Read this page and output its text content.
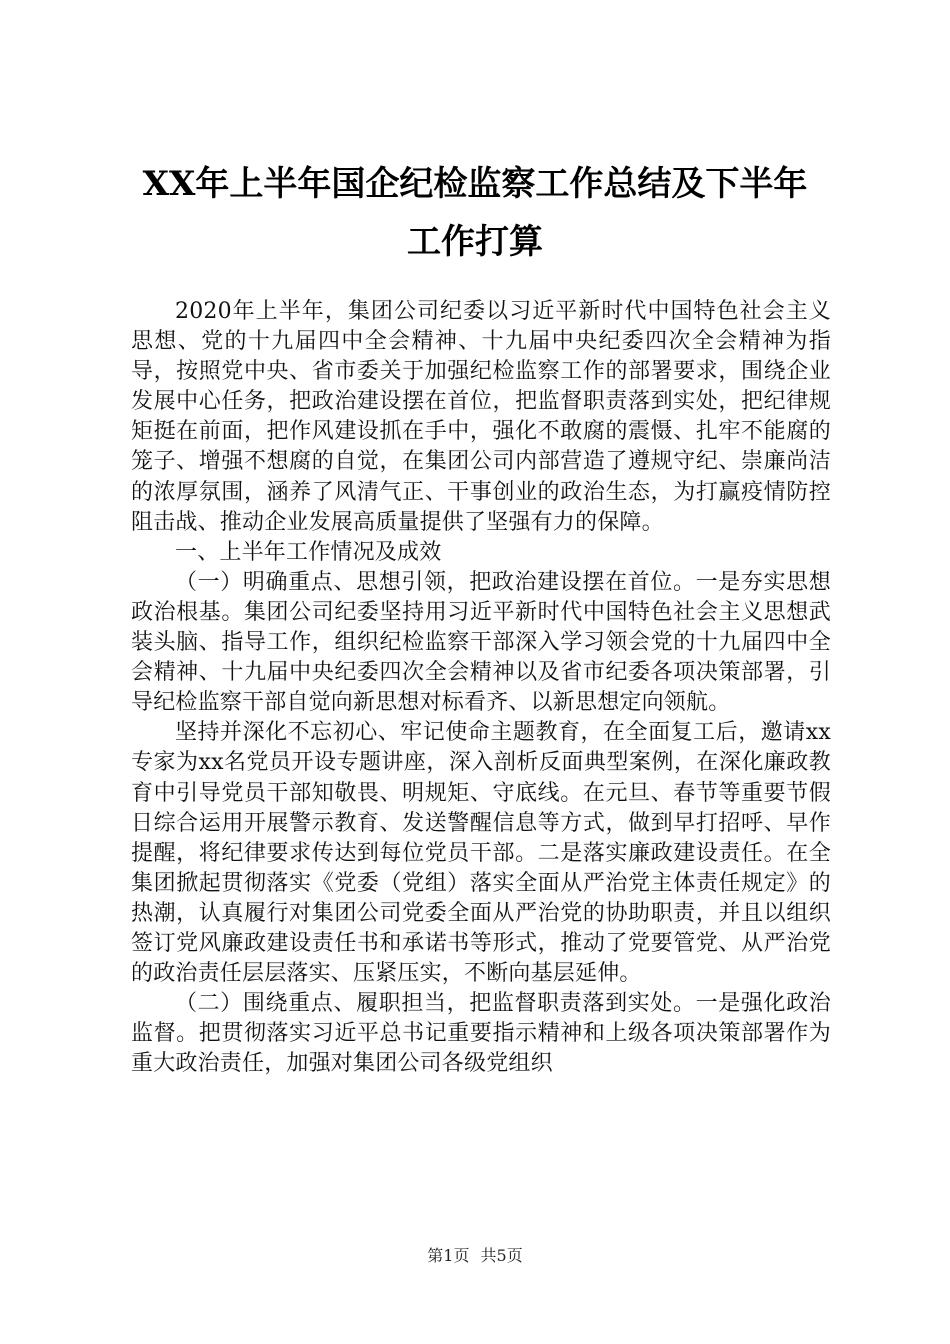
XX年上半年国企纪检监察工作总结及下半年
工作打算

2020年上半年，集团公司纪委以习近平新时代中国特色社会主义思想、党的十九届四中全会精神、十九届中央纪委四次全会精神为指导，按照党中央、省市委关于加强纪检监察工作的部署要求，围绕企业发展中心任务，把政治建设摆在首位，把监督职责落到实处，把纪律规矩挺在前面，把作风建设抓在手中，强化不敢腐的震慑、扎牢不能腐的笼子、增强不想腐的自觉，在集团公司内部营造了遵规守纪、崇廉尚洁的浓厚氛围，涵养了风清气正、干事创业的政治生态，为打赢疫情防控阻击战、推动企业发展高质量提供了坚强有力的保障。

一、上半年工作情况及成效

（一）明确重点、思想引领，把政治建设摆在首位。一是夯实思想政治根基。集团公司纪委坚持用习近平新时代中国特色社会主义思想武装头脑、指导工作，组织纪检监察干部深入学习领会党的十九届四中全会精神、十九届中央纪委四次全会精神以及省市纪委各项决策部署，引导纪检监察干部自觉向新思想对标看齐、以新思想定向领航。

坚持并深化不忘初心、牢记使命主题教育，在全面复工后，邀请xx专家为xx名党员开设专题讲座，深入剖析反面典型案例，在深化廉政教育中引导党员干部知敬畏、明规矩、守底线。在元旦、春节等重要节假日综合运用开展警示教育、发送警醒信息等方式，做到早打招呼、早作提醒，将纪律要求传达到每位党员干部。二是落实廉政建设责任。在全集团掀起贯彻落实《党委（党组）落实全面从严治党主体责任规定》的热潮，认真履行对集团公司党委全面从严治党的协助职责，并且以组织签订党风廉政建设责任书和承诺书等形式，推动了党要管党、从严治党的政治责任层层落实、压紧压实，不断向基层延伸。

（二）围绕重点、履职担当，把监督职责落到实处。一是强化政治监督。把贯彻落实习近平总书记重要指示精神和上级各项决策部署作为重大政治责任，加强对集团公司各级党组织

第1页 共5页
